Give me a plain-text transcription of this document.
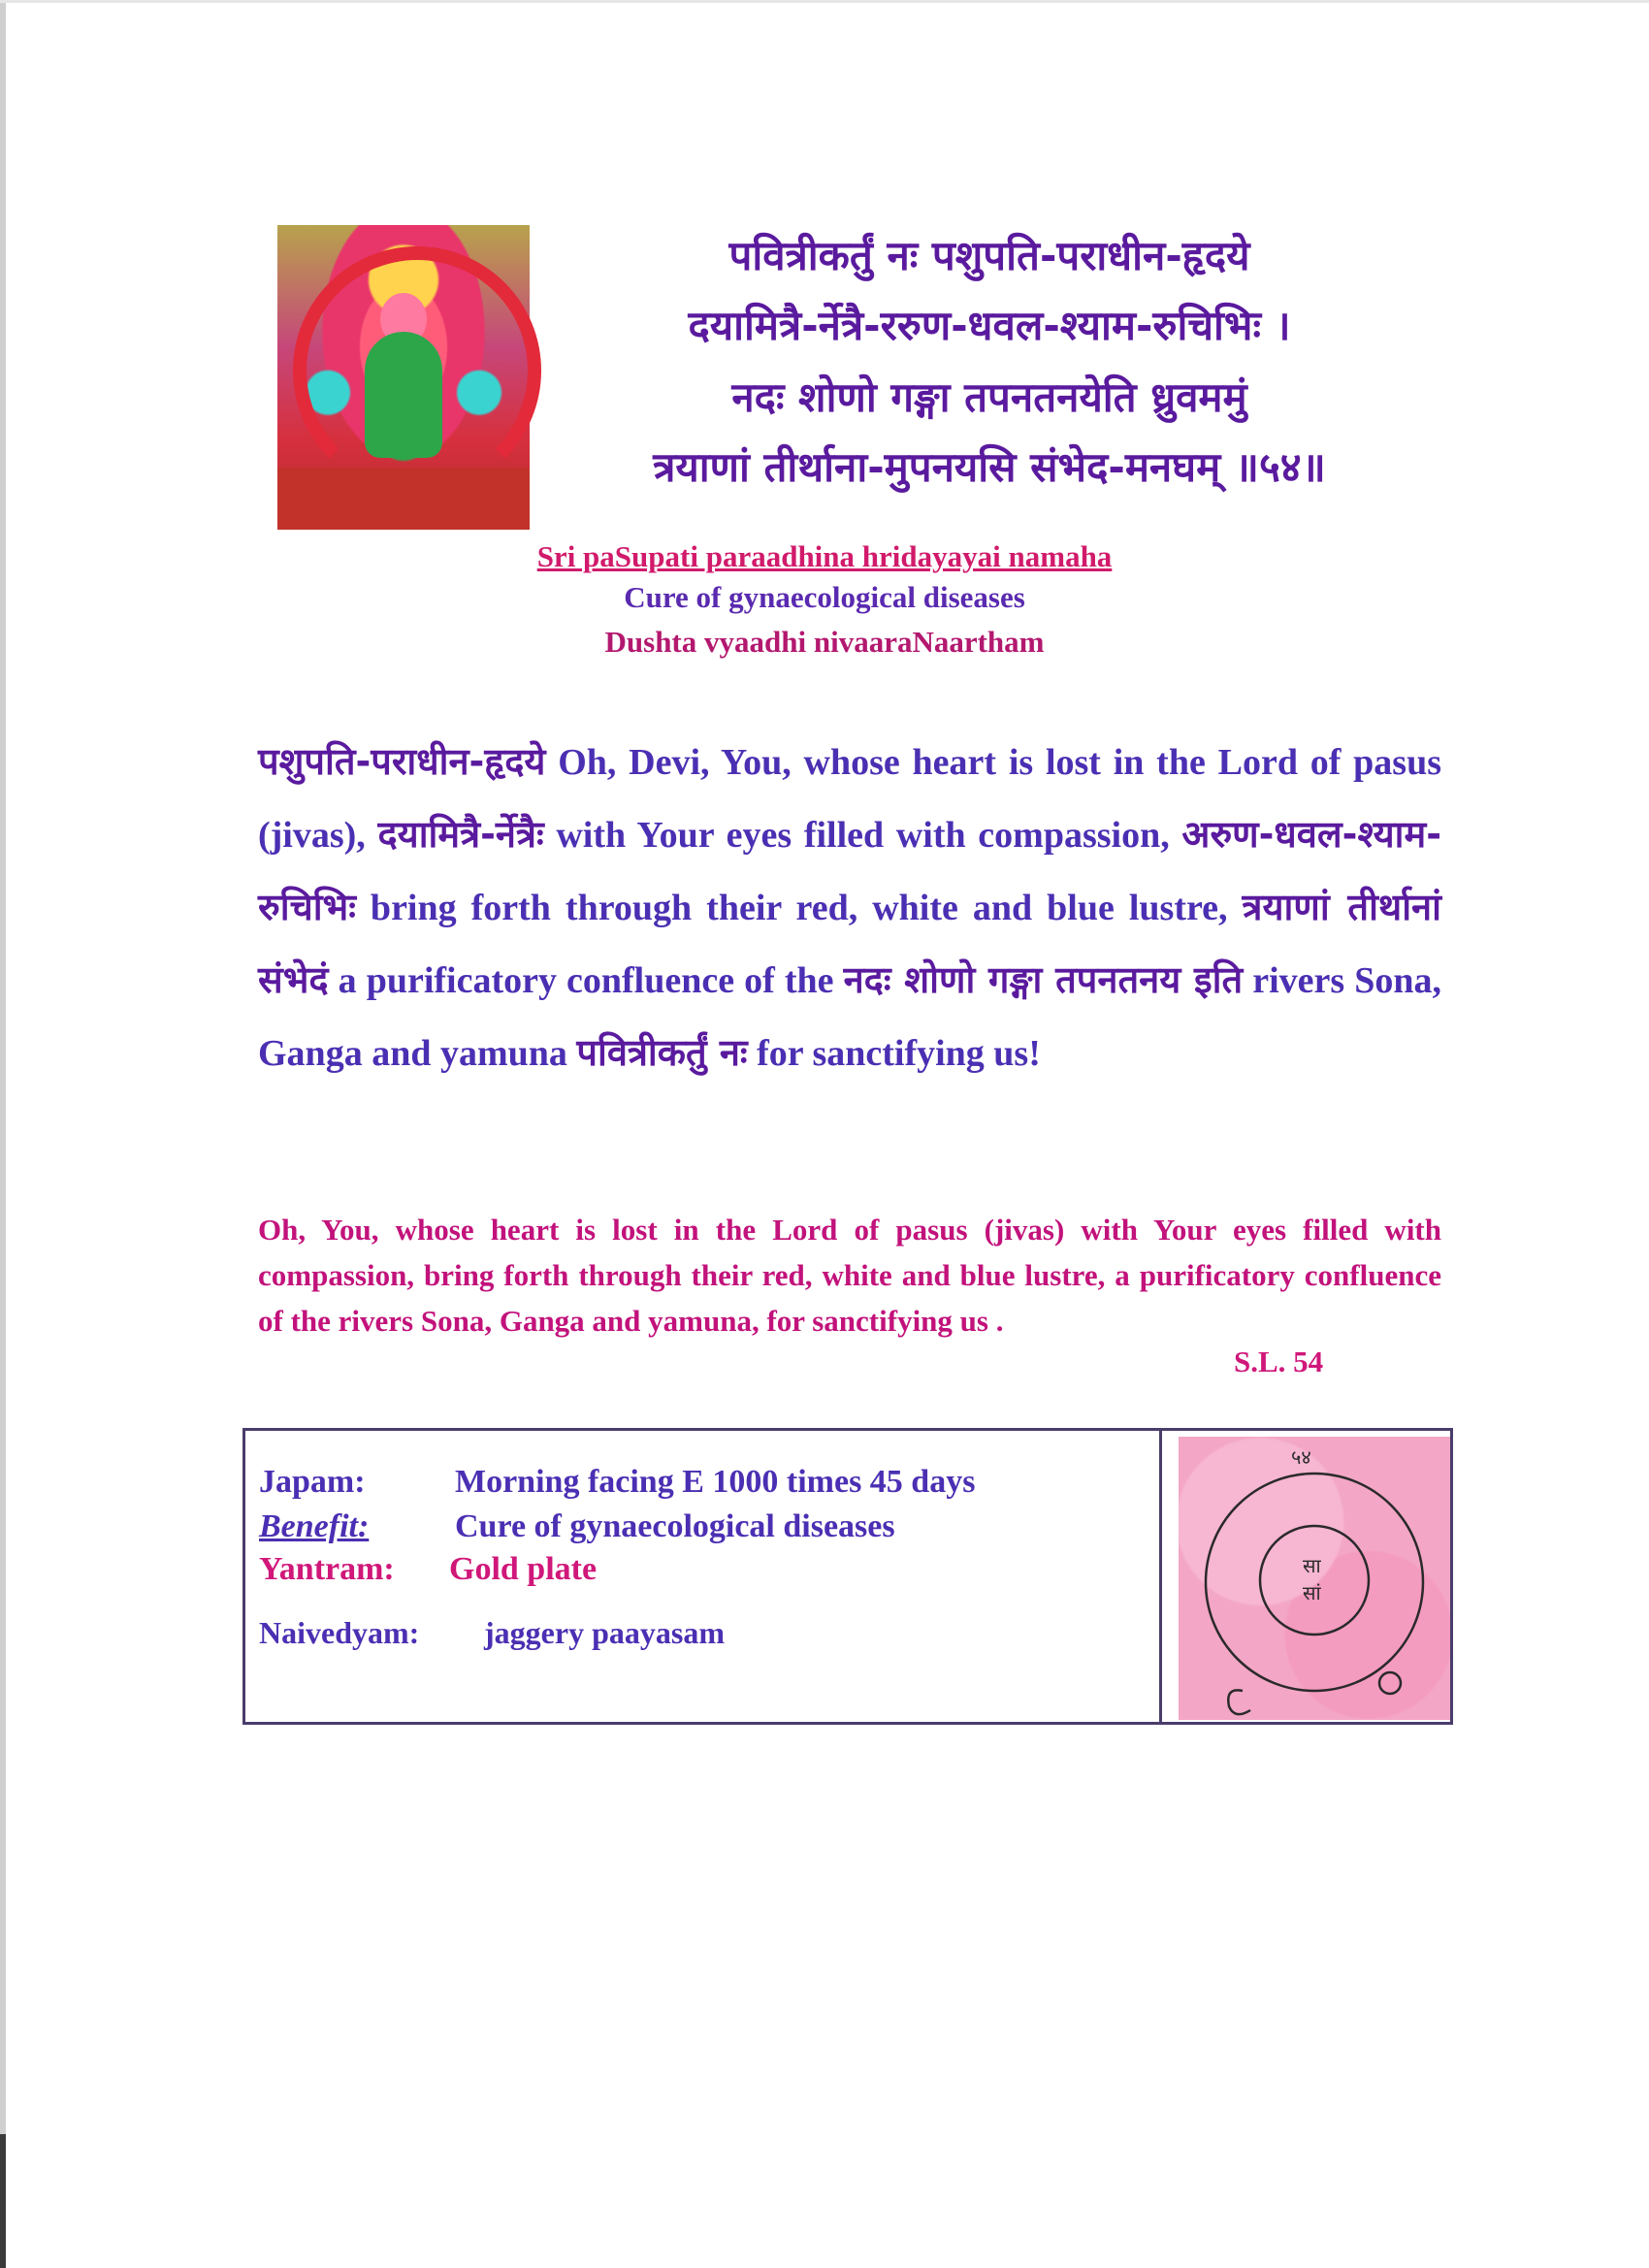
पवित्रीकर्तुं नः पशुपति-पराधीन-हृदये

दयामित्रै-र्नेत्रै-ररुण-धवल-श्याम-रुचिभिः ।

नदः शोणो गङ्गा तपनतनयेति ध्रुवममुं

त्रयाणां तीर्थाना-मुपनयसि संभेद-मनघम् ॥५४॥

Sri paSupati paraadhina hridayayai namaha

Cure of gynaecological diseases

Dushta vyaadhi nivaaraNaartham

पशुपति-पराधीन-हृदये Oh, Devi, You, whose heart is lost in the Lord of pasus (jivas), दयामित्रै-र्नेत्रैः with Your eyes filled with compassion, अरुण-धवल-श्याम-रुचिभिः bring forth through their red, white and blue lustre, त्रयाणां तीर्थानां संभेदं a purificatory confluence of the नदः शोणो गङ्गा तपनतनय इति rivers Sona, Ganga and yamuna पवित्रीकर्तुं नः for sanctifying us!

Oh, You, whose heart is lost in the Lord of pasus (jivas) with Your eyes filled with compassion, bring forth through their red, white and blue lustre, a purificatory confluence of the rivers Sona, Ganga and yamuna, for sanctifying us .

S.L. 54

Japam:	Morning facing E 1000 times 45 days

Benefit:	Cure of gynaecological diseases

Yantram: Gold plate

Naivedyam: jaggery paayasam

५४
सा
सां
